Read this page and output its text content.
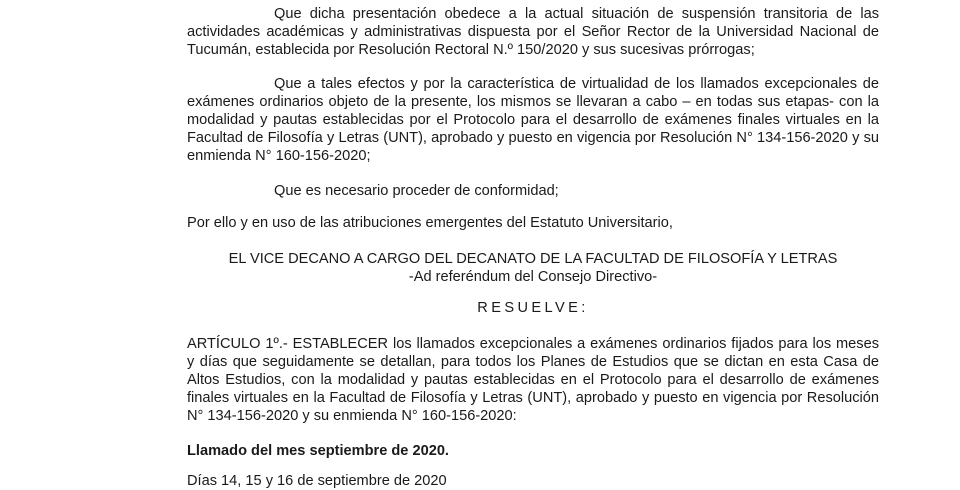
Que dicha presentación obedece a la actual situación de suspensión transitoria de las actividades académicas y administrativas dispuesta por el Señor Rector de la Universidad Nacional de Tucumán, establecida por Resolución Rectoral N.º 150/2020 y sus sucesivas prórrogas;

Que a tales efectos y por la característica de virtualidad de los llamados excepcionales de exámenes ordinarios objeto de la presente, los mismos se llevaran a cabo – en todas sus etapas- con la modalidad y pautas establecidas por el Protocolo para el desarrollo de exámenes finales virtuales en la Facultad de Filosofía y Letras (UNT), aprobado y puesto en vigencia por Resolución N° 134-156-2020 y su enmienda N° 160-156-2020;

Que es necesario proceder de conformidad;

Por ello y en uso de las atribuciones emergentes del Estatuto Universitario,

EL VICE DECANO A CARGO DEL DECANATO DE LA FACULTAD DE FILOSOFÍA Y LETRAS

-Ad referéndum del Consejo Directivo-

RESUELVE:

ARTÍCULO 1º.- ESTABLECER los llamados excepcionales a exámenes ordinarios fijados para los meses y días que seguidamente se detallan, para todos los Planes de Estudios que se dictan en esta Casa de Altos Estudios, con la modalidad y pautas establecidas en el Protocolo para el desarrollo de exámenes finales virtuales en la Facultad de Filosofía y Letras (UNT), aprobado y puesto en vigencia por Resolución N° 134-156-2020 y su enmienda N° 160-156-2020:

Llamado del mes septiembre de 2020.

Días 14, 15 y 16 de septiembre de 2020
